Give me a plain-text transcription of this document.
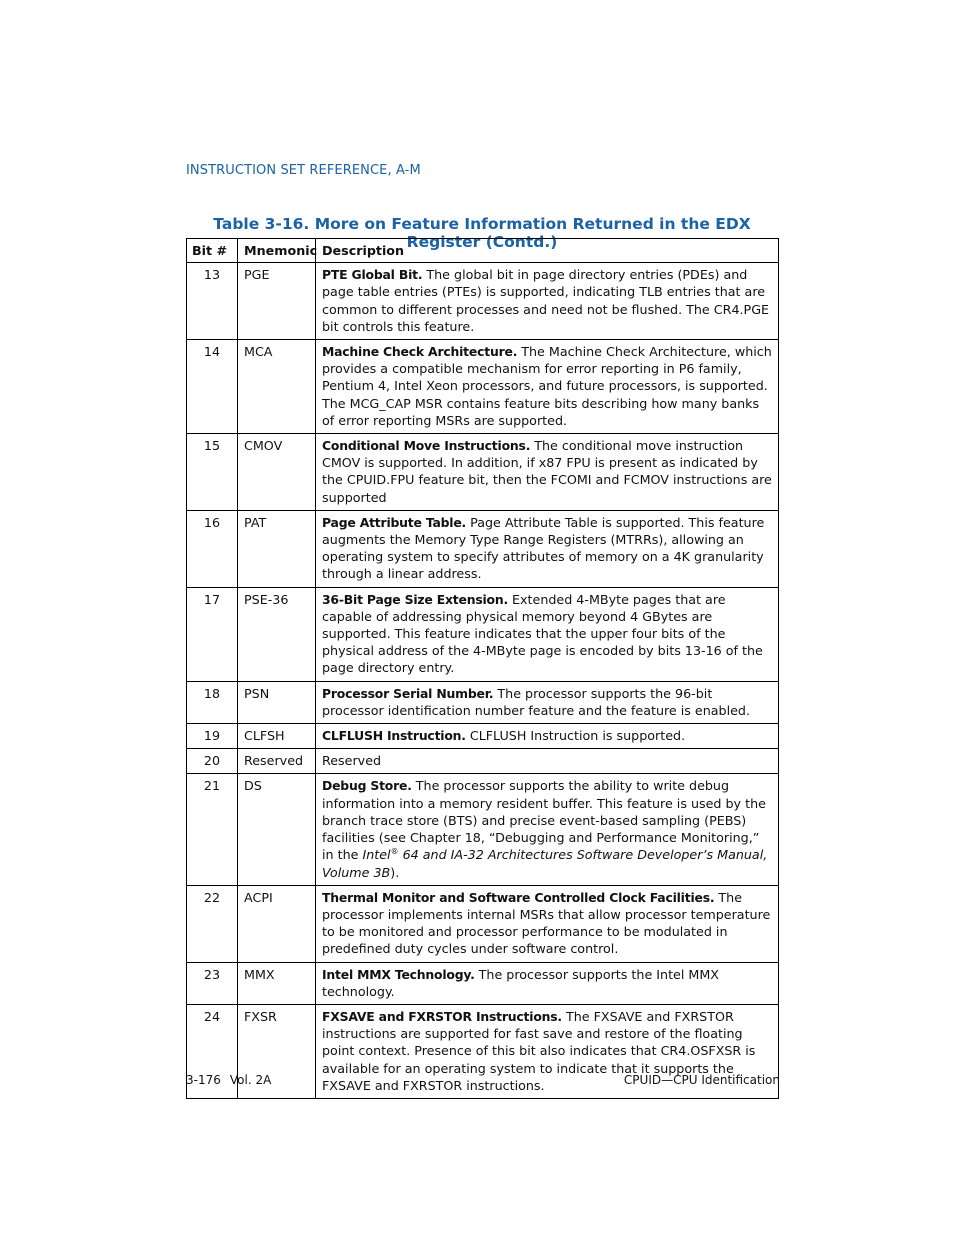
INSTRUCTION SET REFERENCE, A-M
Table 3-16. More on Feature Information Returned in the EDX Register (Contd.)
Bit #	Mnemonic	Description
13	PGE	PTE Global Bit. The global bit in page directory entries (PDEs) and page table entries (PTEs) is supported, indicating TLB entries that are common to different processes and need not be flushed. The CR4.PGE bit controls this feature.
14	MCA	Machine Check Architecture. The Machine Check Architecture, which provides a compatible mechanism for error reporting in P6 family, Pentium 4, Intel Xeon processors, and future processors, is supported. The MCG_CAP MSR contains feature bits describing how many banks of error reporting MSRs are supported.
15	CMOV	Conditional Move Instructions. The conditional move instruction CMOV is supported. In addition, if x87 FPU is present as indicated by the CPUID.FPU feature bit, then the FCOMI and FCMOV instructions are supported
16	PAT	Page Attribute Table. Page Attribute Table is supported. This feature augments the Memory Type Range Registers (MTRRs), allowing an operating system to specify attributes of memory on a 4K granularity through a linear address.
17	PSE-36	36-Bit Page Size Extension. Extended 4-MByte pages that are capable of addressing physical memory beyond 4 GBytes are supported. This feature indicates that the upper four bits of the physical address of the 4-MByte page is encoded by bits 13-16 of the page directory entry.
18	PSN	Processor Serial Number. The processor supports the 96-bit processor identification number feature and the feature is enabled.
19	CLFSH	CLFLUSH Instruction. CLFLUSH Instruction is supported.
20	Reserved	Reserved
21	DS	Debug Store. The processor supports the ability to write debug information into a memory resident buffer. This feature is used by the branch trace store (BTS) and precise event-based sampling (PEBS) facilities (see Chapter 18, “Debugging and Performance Monitoring,” in the Intel® 64 and IA-32 Architectures Software Developer’s Manual, Volume 3B).
22	ACPI	Thermal Monitor and Software Controlled Clock Facilities. The processor implements internal MSRs that allow processor temperature to be monitored and processor performance to be modulated in predefined duty cycles under software control.
23	MMX	Intel MMX Technology. The processor supports the Intel MMX technology.
24	FXSR	FXSAVE and FXRSTOR Instructions. The FXSAVE and FXRSTOR instructions are supported for fast save and restore of the floating point context. Presence of this bit also indicates that CR4.OSFXSR is available for an operating system to indicate that it supports the FXSAVE and FXRSTOR instructions.
3-176 Vol. 2A	CPUID—CPU Identification
